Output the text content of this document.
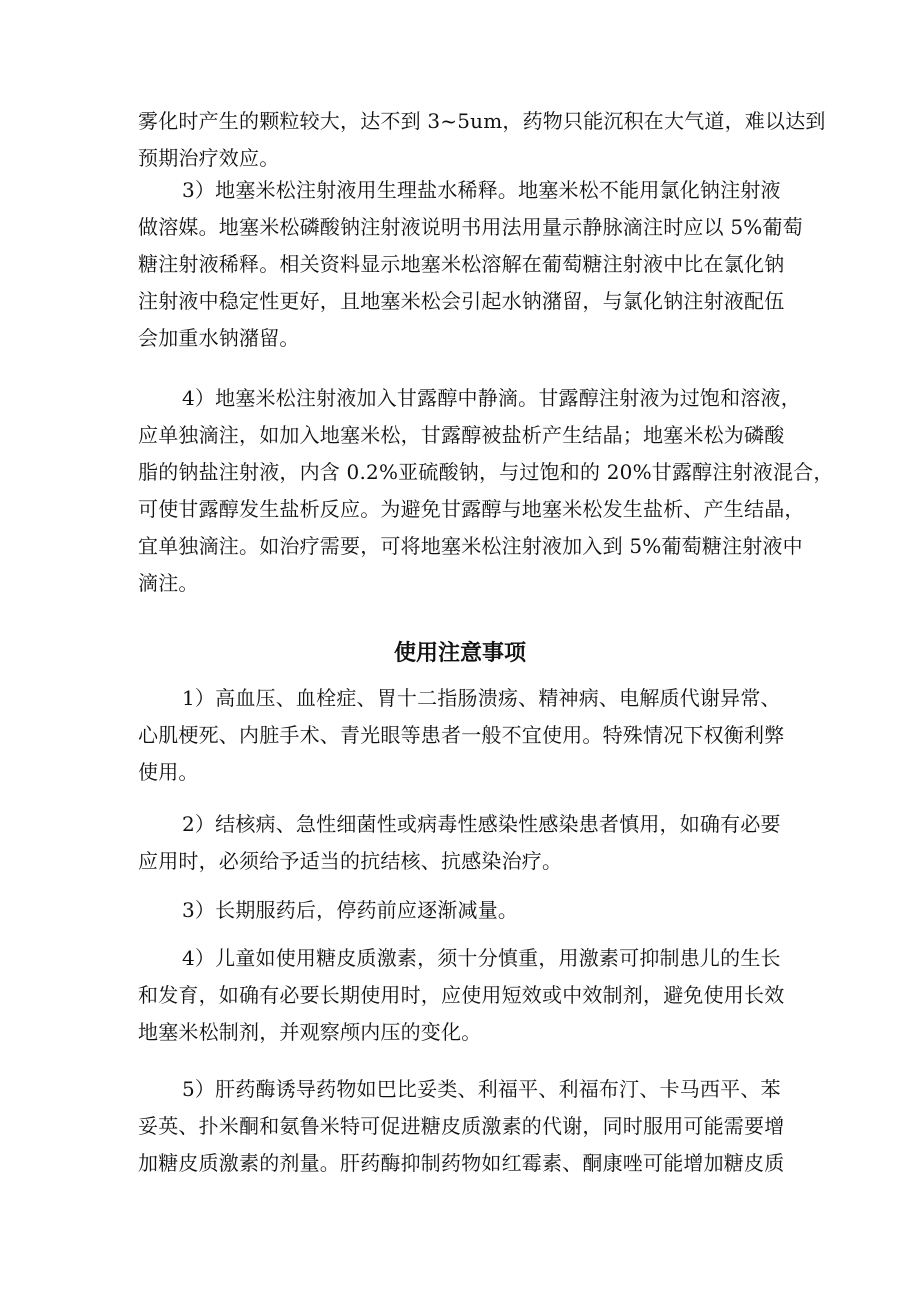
雾化时产生的颗粒较大，达不到 3~5um，药物只能沉积在大气道，难以达到
预期治疗效应。

3）地塞米松注射液用生理盐水稀释。地塞米松不能用氯化钠注射液
做溶媒。地塞米松磷酸钠注射液说明书用法用量示静脉滴注时应以 5%葡萄
糖注射液稀释。相关资料显示地塞米松溶解在葡萄糖注射液中比在氯化钠
注射液中稳定性更好，且地塞米松会引起水钠潴留，与氯化钠注射液配伍
会加重水钠潴留。

4）地塞米松注射液加入甘露醇中静滴。甘露醇注射液为过饱和溶液，
应单独滴注，如加入地塞米松，甘露醇被盐析产生结晶；地塞米松为磷酸
脂的钠盐注射液，内含 0.2%亚硫酸钠，与过饱和的 20%甘露醇注射液混合，
可使甘露醇发生盐析反应。为避免甘露醇与地塞米松发生盐析、产生结晶，
宜单独滴注。如治疗需要，可将地塞米松注射液加入到 5%葡萄糖注射液中
滴注。

使用注意事项

1）高血压、血栓症、胃十二指肠溃疡、精神病、电解质代谢异常、
心肌梗死、内脏手术、青光眼等患者一般不宜使用。特殊情况下权衡利弊
使用。

2）结核病、急性细菌性或病毒性感染性感染患者慎用，如确有必要
应用时，必须给予适当的抗结核、抗感染治疗。

3）长期服药后，停药前应逐渐减量。

4）儿童如使用糖皮质激素，须十分慎重，用激素可抑制患儿的生长
和发育，如确有必要长期使用时，应使用短效或中效制剂，避免使用长效
地塞米松制剂，并观察颅内压的变化。

5）肝药酶诱导药物如巴比妥类、利福平、利福布汀、卡马西平、苯
妥英、扑米酮和氨鲁米特可促进糖皮质激素的代谢，同时服用可能需要增
加糖皮质激素的剂量。肝药酶抑制药物如红霉素、酮康唑可能增加糖皮质
